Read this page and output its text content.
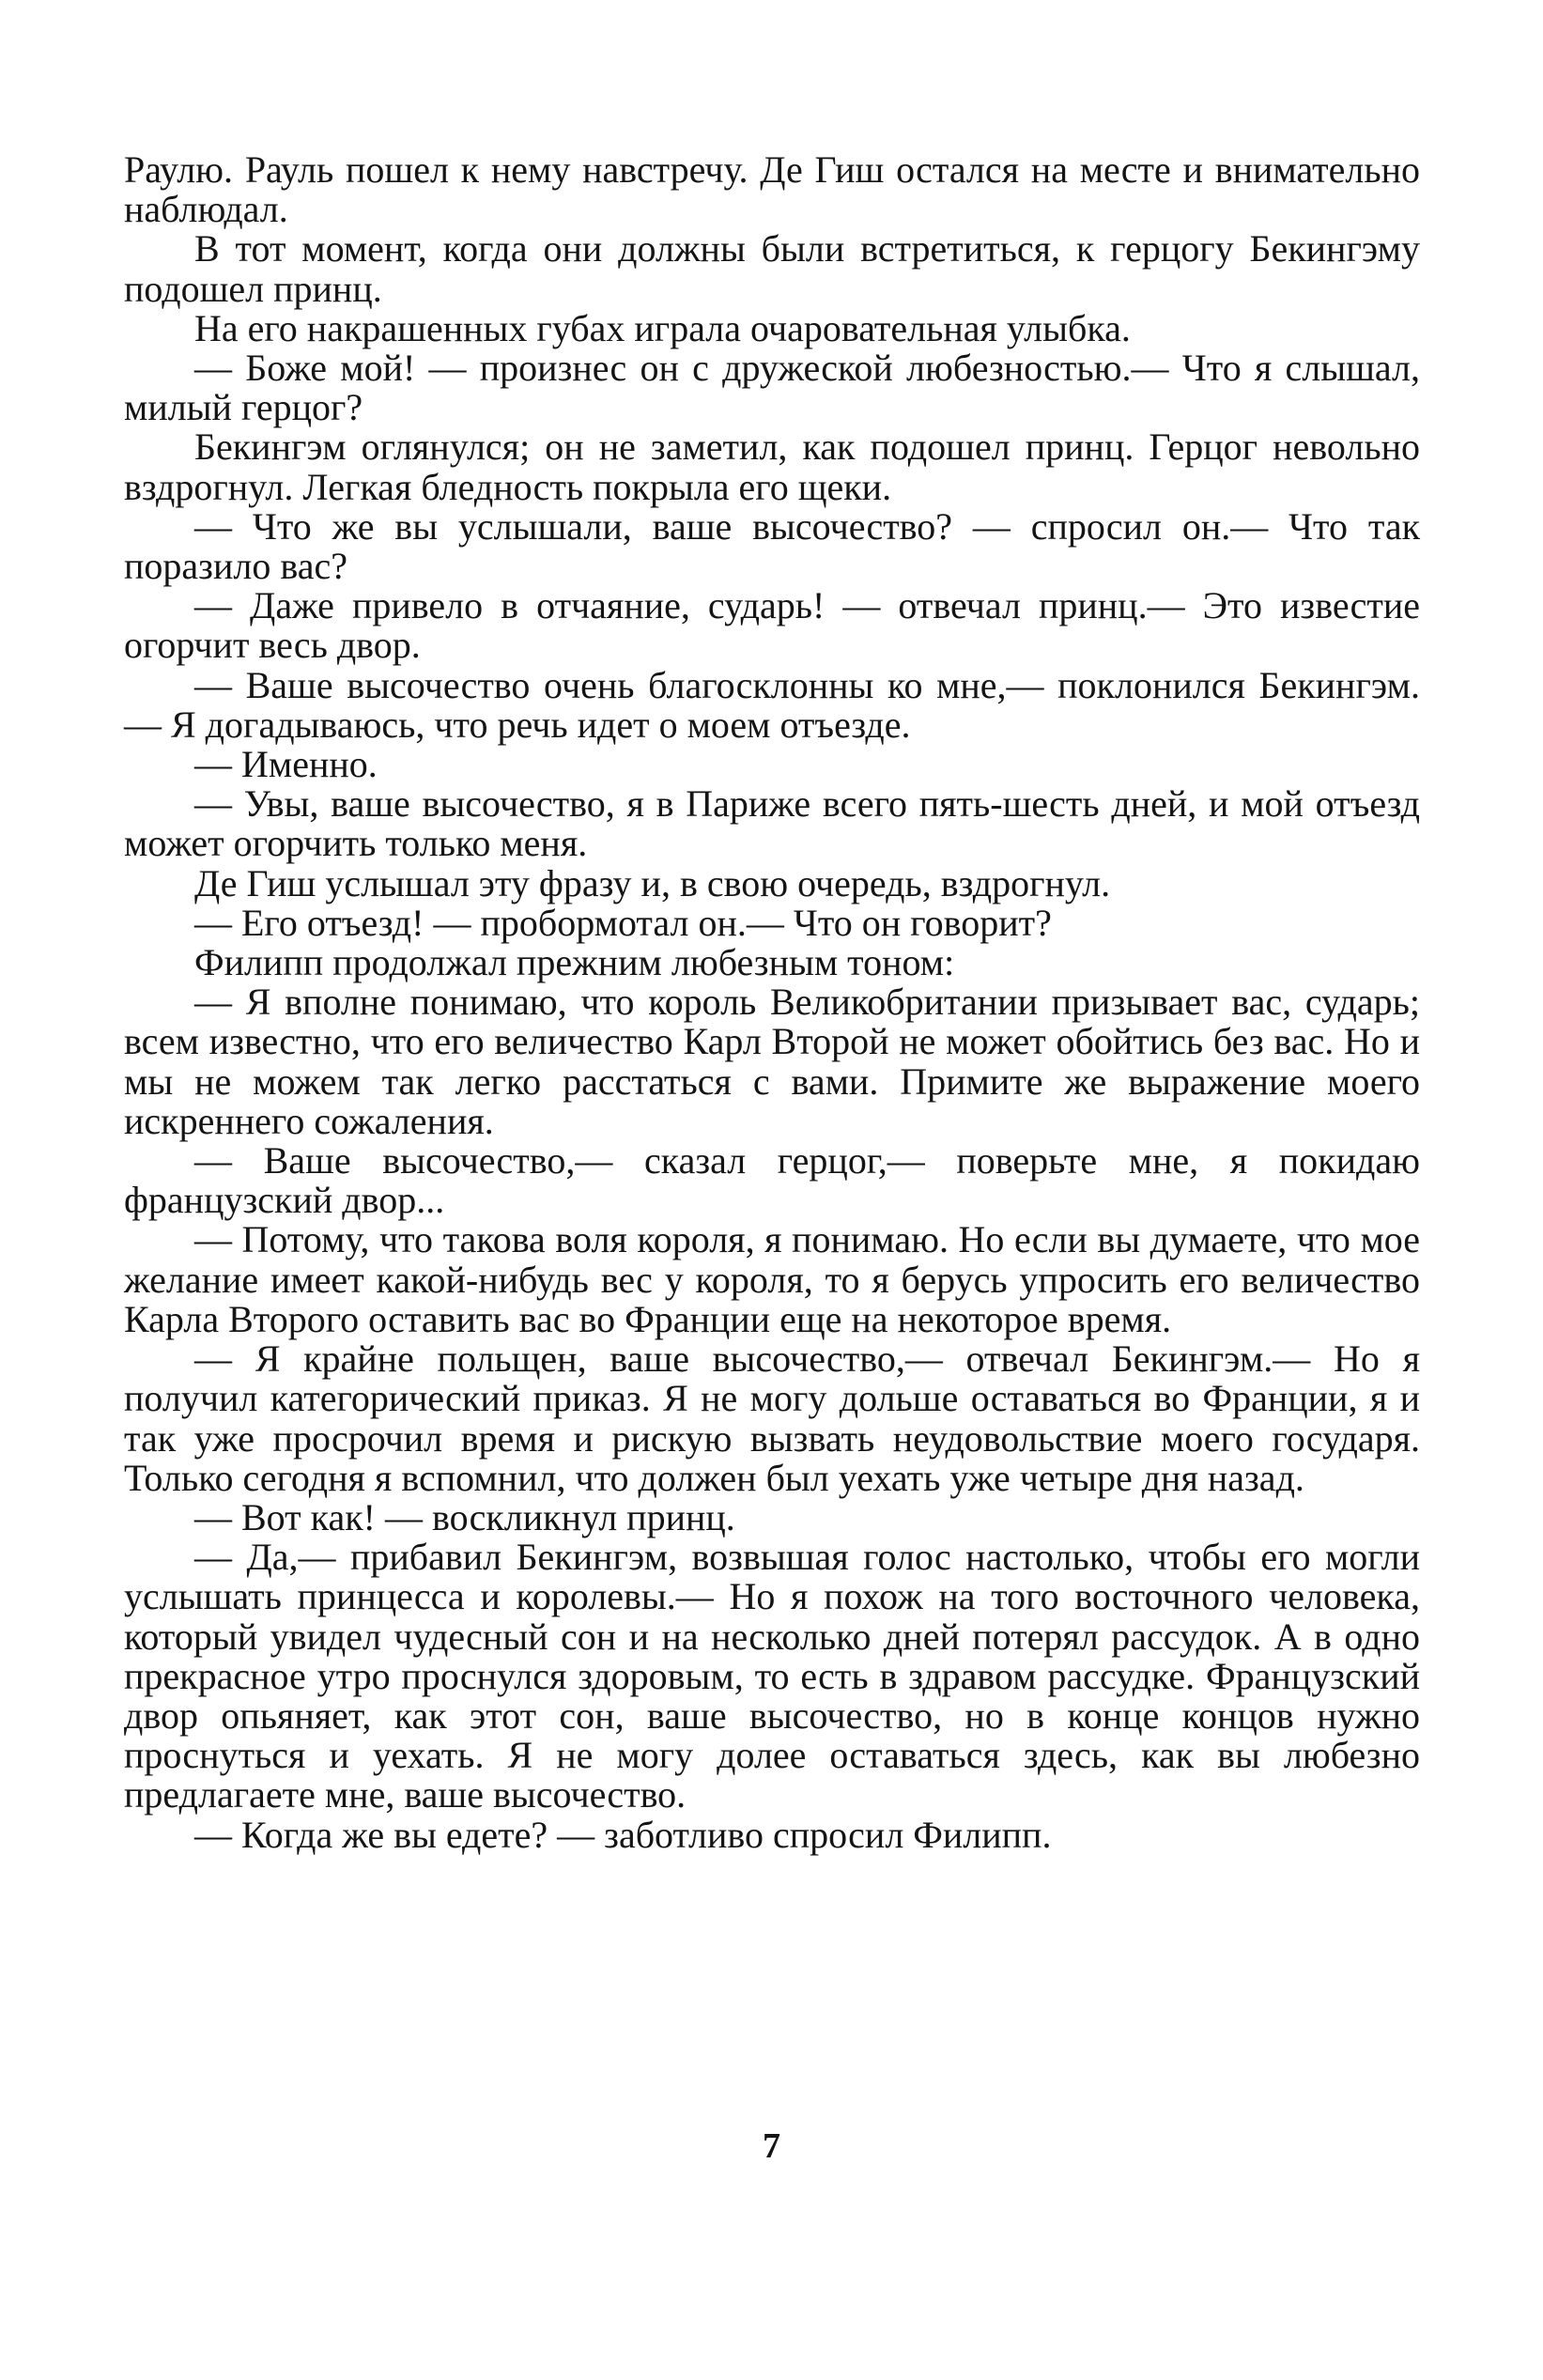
Раулю. Рауль пошел к нему навстречу. Де Гиш остался на месте и внимательно наблюдал.

В тот момент, когда они должны были встретиться, к герцогу Бекингэму подошел принц.

На его накрашенных губах играла очаровательная улыбка.

— Боже мой! — произнес он с дружеской любезностью.— Что я слышал, милый герцог?

Бекингэм оглянулся; он не заметил, как подошел принц. Герцог невольно вздрогнул. Легкая бледность покрыла его щеки.

— Что же вы услышали, ваше высочество? — спросил он.— Что так поразило вас?

— Даже привело в отчаяние, сударь! — отвечал принц.— Это известие огорчит весь двор.

— Ваше высочество очень благосклонны ко мне,— поклонился Бекингэм.— Я догадываюсь, что речь идет о моем отъезде.

— Именно.

— Увы, ваше высочество, я в Париже всего пять-шесть дней, и мой отъезд может огорчить только меня.

Де Гиш услышал эту фразу и, в свою очередь, вздрогнул.

— Его отъезд! — пробормотал он.— Что он говорит?

Филипп продолжал прежним любезным тоном:

— Я вполне понимаю, что король Великобритании призывает вас, сударь; всем известно, что его величество Карл Второй не может обойтись без вас. Но и мы не можем так легко расстаться с вами. Примите же выражение моего искреннего сожаления.

— Ваше высочество,— сказал герцог,— поверьте мне, я покидаю французский двор...

— Потому, что такова воля короля, я понимаю. Но если вы думаете, что мое желание имеет какой-нибудь вес у короля, то я берусь упросить его величество Карла Второго оставить вас во Франции еще на некоторое время.

— Я крайне польщен, ваше высочество,— отвечал Бекингэм.— Но я получил категорический приказ. Я не могу дольше оставаться во Франции, я и так уже просрочил время и рискую вызвать неудовольствие моего государя. Только сегодня я вспомнил, что должен был уехать уже четыре дня назад.

— Вот как! — воскликнул принц.

— Да,— прибавил Бекингэм, возвышая голос настолько, чтобы его могли услышать принцесса и королевы.— Но я похож на того восточного человека, который увидел чудесный сон и на несколько дней потерял рассудок. А в одно прекрасное утро проснулся здоровым, то есть в здравом рассудке. Французский двор опьяняет, как этот сон, ваше высочество, но в конце концов нужно проснуться и уехать. Я не могу долее оставаться здесь, как вы любезно предлагаете мне, ваше высочество.

— Когда же вы едете? — заботливо спросил Филипп.

7
